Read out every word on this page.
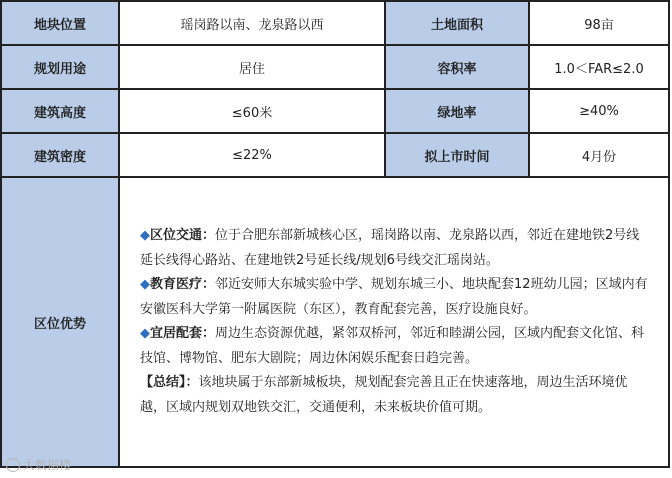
地块位置	瑶岗路以南、龙泉路以西	土地面积	98亩
规划用途	居住	容积率	1.0＜FAR≤2.0
建筑高度	≤60米	绿地率	≥40%
建筑密度	≤22%	拟上市时间	4月份
区位优势	◆区位交通：位于合肥东部新城核心区，瑶岗路以南、龙泉路以西，邻近在建地铁2号线延长线得心路站、在建地铁2号延长线/规划6号线交汇瑶岗站。

◆教育医疗：邻近安师大东城实验中学、规划东城三小、地块配套12班幼儿园；区域内有安徽医科大学第一附属医院（东区），教育配套完善，医疗设施良好。

◆宜居配套：周边生态资源优越，紧邻双桥河，邻近和睦湖公园，区域内配套文化馆、科技馆、博物馆、肥东大剧院；周边休闲娱乐配套日趋完善。

【总结】：该地块属于东部新城板块，规划配套完善且正在快速落地，周边生活环境优越，区域内规划双地铁交汇，交通便利，未来板块价值可期。		

大数据楼
